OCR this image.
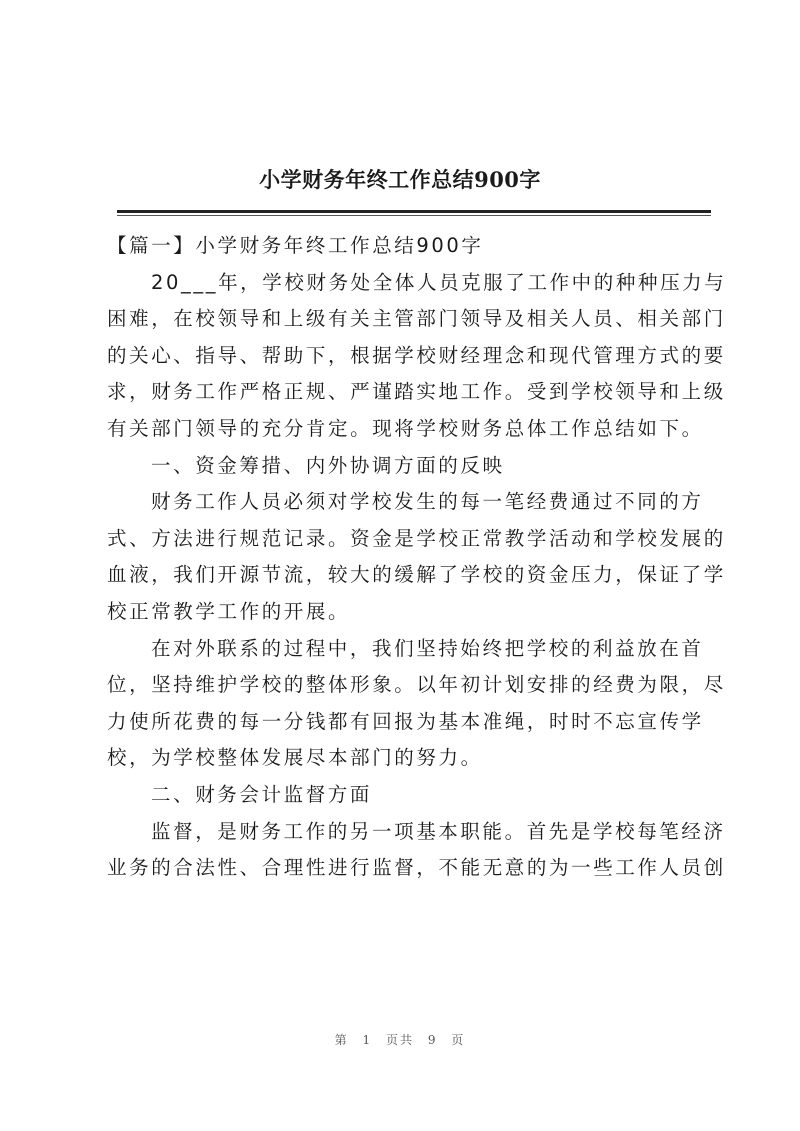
小学财务年终工作总结900字
【篇一】小学财务年终工作总结900字
20___年，学校财务处全体人员克服了工作中的种种压力与
困难，在校领导和上级有关主管部门领导及相关人员、相关部门
的关心、指导、帮助下，根据学校财经理念和现代管理方式的要
求，财务工作严格正规、严谨踏实地工作。受到学校领导和上级
有关部门领导的充分肯定。现将学校财务总体工作总结如下。
一、资金筹措、内外协调方面的反映
财务工作人员必须对学校发生的每一笔经费通过不同的方
式、方法进行规范记录。资金是学校正常教学活动和学校发展的
血液，我们开源节流，较大的缓解了学校的资金压力，保证了学
校正常教学工作的开展。
在对外联系的过程中，我们坚持始终把学校的利益放在首
位，坚持维护学校的整体形象。以年初计划安排的经费为限，尽
力使所花费的每一分钱都有回报为基本准绳，时时不忘宣传学
校，为学校整体发展尽本部门的努力。
二、财务会计监督方面
监督，是财务工作的另一项基本职能。首先是学校每笔经济
业务的合法性、合理性进行监督，不能无意的为一些工作人员创
第 1 页共 9 页
